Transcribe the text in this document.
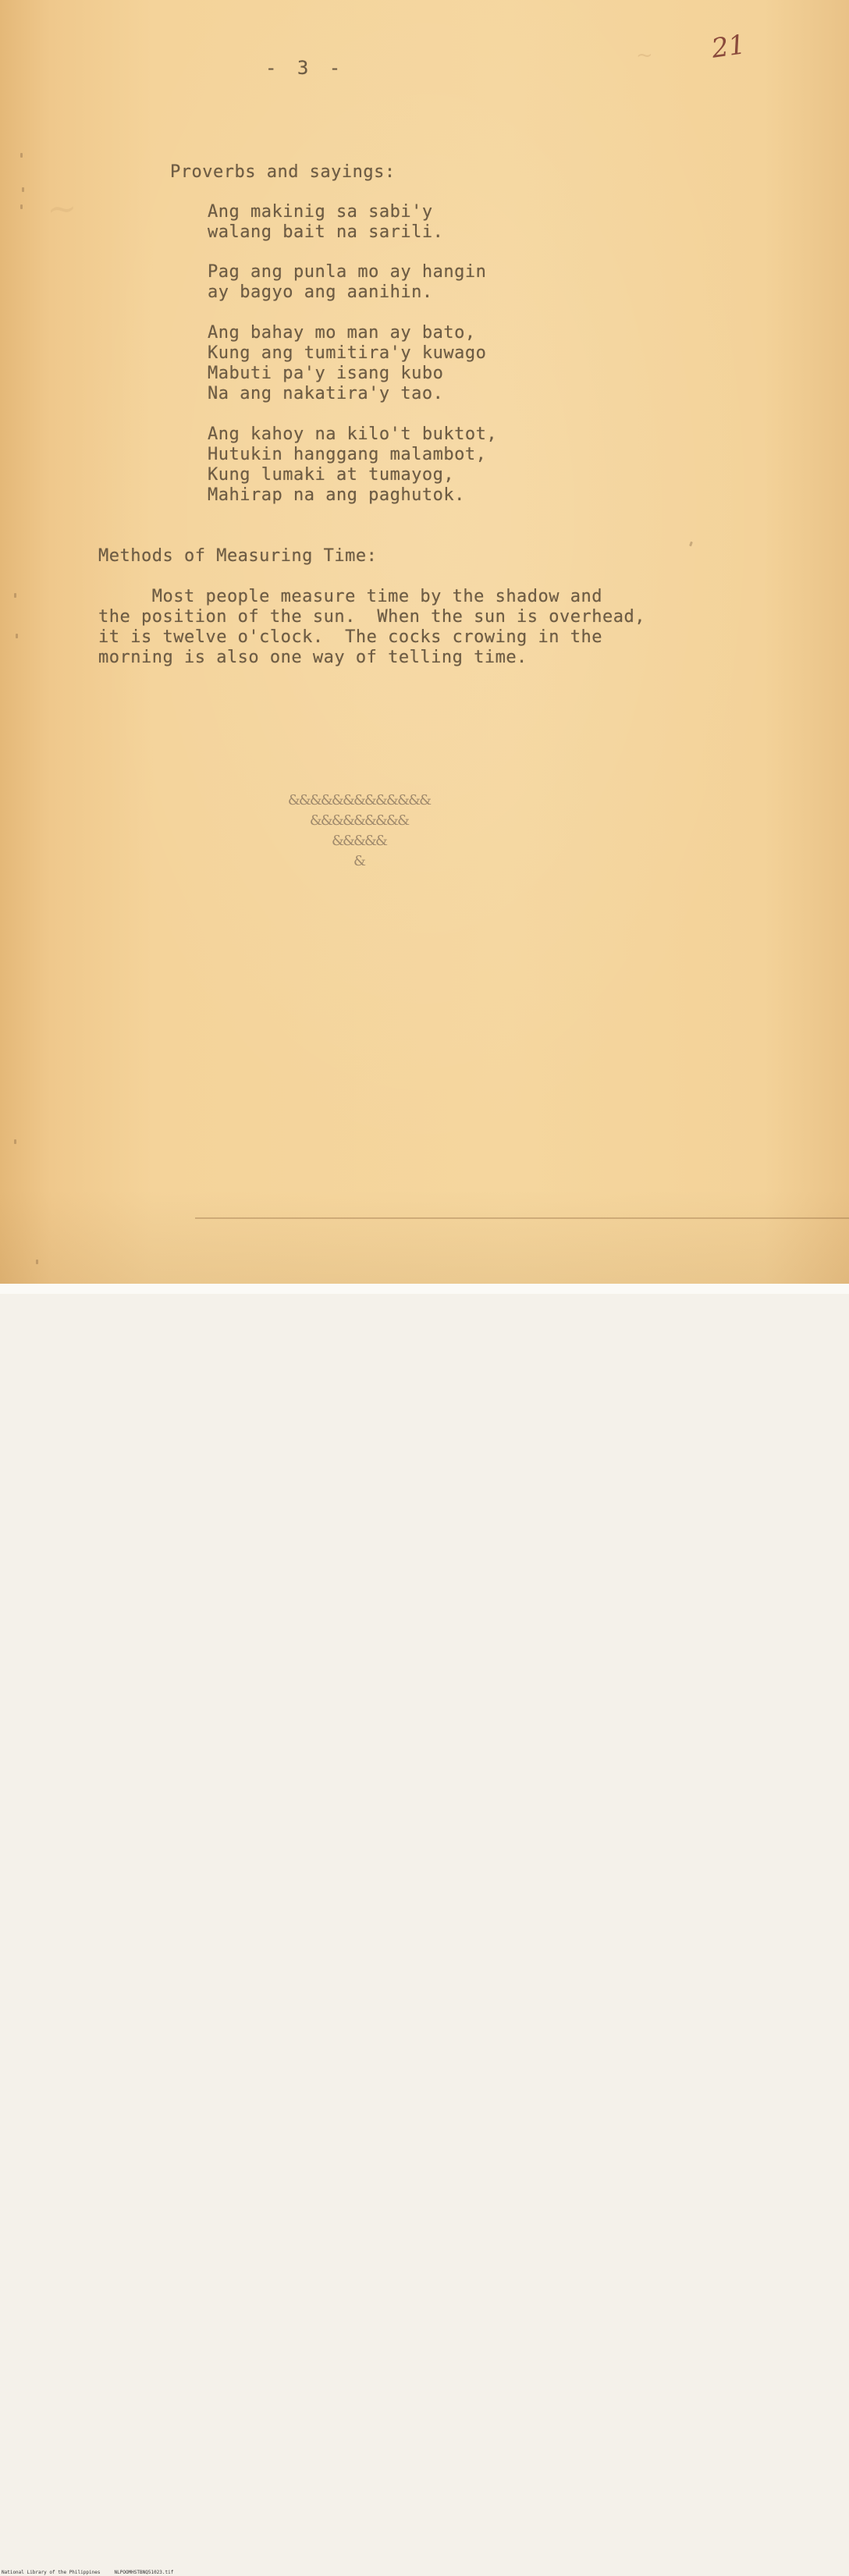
~
- 3 -
~ 21
Proverbs and sayings:
Ang makinig sa sabi'y
walang bait na sarili.
Pag ang punla mo ay hangin
ay bagyo ang aanihin.
Ang bahay mo man ay bato,
Kung ang tumitira'y kuwago
Mabuti pa'y isang kubo
Na ang nakatira'y tao.
Ang kahoy na kilo't buktot,
Hutukin hanggang malambot,
Kung lumaki at tumayog,
Mahirap na ang paghutok.
Methods of Measuring Time:
Most people measure time by the shadow and
the position of the sun.  When the sun is overhead,
it is twelve o'clock.  The cocks crowing in the
morning is also one way of telling time.
&&&&&&&&&&&&&
&&&&&&&&&
&&&&&
&
National Library of the Philippines     NLPOOMHSTBNQ51023.tif
